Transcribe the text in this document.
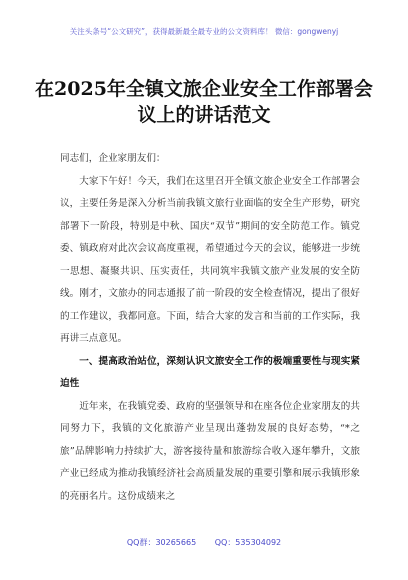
关注头条号“公文研究”，获得最新最全最专业的公文资料库！ 微信：gongwenyj
在2025年全镇文旅企业安全工作部署会议上的讲话范文

同志们，企业家朋友们：

大家下午好！今天，我们在这里召开全镇文旅企业安全工作部署会议，主要任务是深入分析当前我镇文旅行业面临的安全生产形势，研究部署下一阶段，特别是中秋、国庆“双节”期间的安全防范工作。镇党委、镇政府对此次会议高度重视，希望通过今天的会议，能够进一步统一思想、凝聚共识、压实责任，共同筑牢我镇文旅产业发展的安全防线。刚才，文旅办的同志通报了前一阶段的安全检查情况，提出了很好的工作建议，我都同意。下面，结合大家的发言和当前的工作实际，我再讲三点意见。

一、提高政治站位，深刻认识文旅安全工作的极端重要性与现实紧迫性

近年来，在我镇党委、政府的坚强领导和在座各位企业家朋友的共同努力下，我镇的文化旅游产业呈现出蓬勃发展的良好态势，“*之旅”品牌影响力持续扩大，游客接待量和旅游综合收入逐年攀升，文旅产业已经成为推动我镇经济社会高质量发展的重要引擎和展示我镇形象的亮丽名片。这份成绩来之

QQ群：30265665 QQ：535304092
